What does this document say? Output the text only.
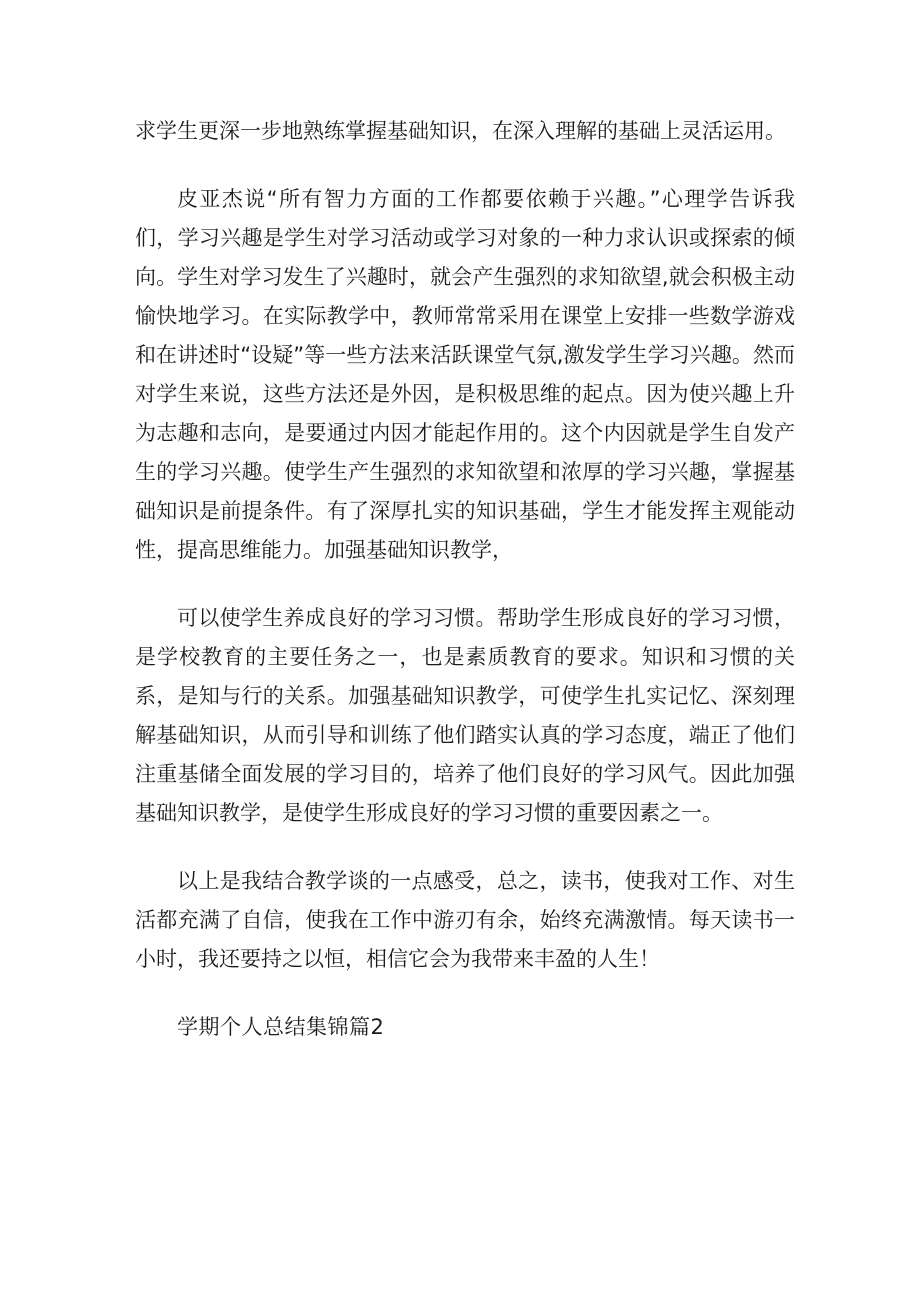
求学生更深一步地熟练掌握基础知识，在深入理解的基础上灵活运用。

皮亚杰说“所有智力方面的工作都要依赖于兴趣。”心理学告诉我们，学习兴趣是学生对学习活动或学习对象的一种力求认识或探索的倾向。学生对学习发生了兴趣时，就会产生强烈的求知欲望,就会积极主动愉快地学习。在实际教学中，教师常常采用在课堂上安排一些数学游戏和在讲述时“设疑”等一些方法来活跃课堂气氛,激发学生学习兴趣。然而对学生来说，这些方法还是外因，是积极思维的起点。因为使兴趣上升为志趣和志向，是要通过内因才能起作用的。这个内因就是学生自发产生的学习兴趣。使学生产生强烈的求知欲望和浓厚的学习兴趣，掌握基础知识是前提条件。有了深厚扎实的知识基础，学生才能发挥主观能动性，提高思维能力。加强基础知识教学，

可以使学生养成良好的学习习惯。帮助学生形成良好的学习习惯，是学校教育的主要任务之一，也是素质教育的要求。知识和习惯的关系，是知与行的关系。加强基础知识教学，可使学生扎实记忆、深刻理解基础知识，从而引导和训练了他们踏实认真的学习态度，端正了他们注重基储全面发展的学习目的，培养了他们良好的学习风气。因此加强基础知识教学，是使学生形成良好的学习习惯的重要因素之一。

以上是我结合教学谈的一点感受，总之，读书，使我对工作、对生活都充满了自信，使我在工作中游刃有余，始终充满激情。每天读书一小时，我还要持之以恒，相信它会为我带来丰盈的人生！

学期个人总结集锦篇2
